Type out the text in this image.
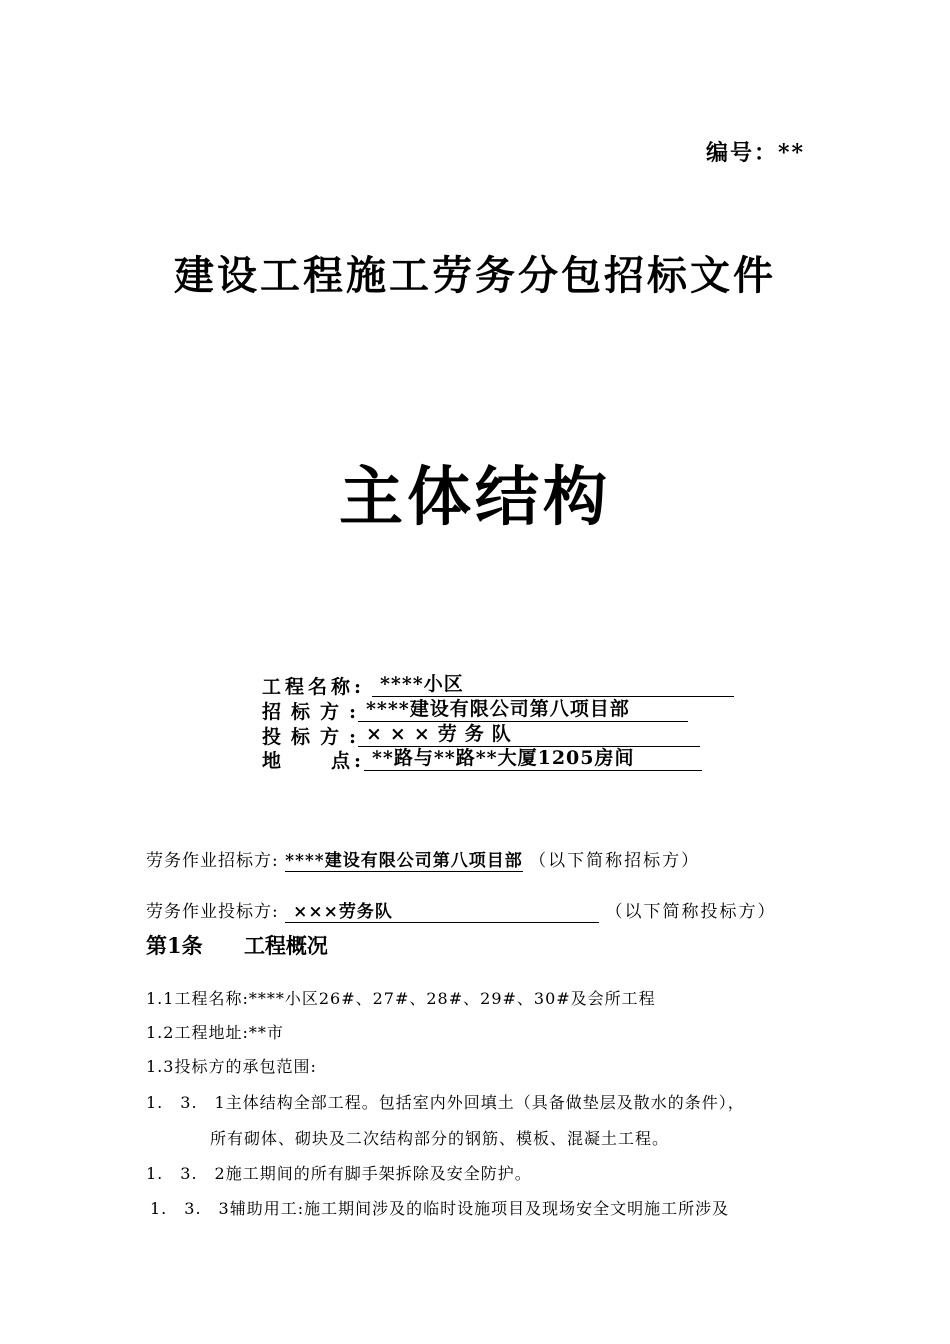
编号：**
建设工程施工劳务分包招标文件
主体结构
工程名称: ****小区
招标方: ****建设有限公司第八项目部
投标方: ×××劳务队
地　　点: **路与**路**大厦1205房间
劳务作业招标方: ****建设有限公司第八项目部 （以下简称招标方）
劳务作业投标方: ×××劳务队	（以下简称投标方）
第1条 工程概况
1.1工程名称:****小区26#、27#、28#、29#、30#及会所工程
1.2工程地址:**市
1.3投标方的承包范围:
1.　3.　1主体结构全部工程。包括室内外回填土（具备做垫层及散水的条件），
所有砌体、砌块及二次结构部分的钢筋、模板、混凝土工程。
1.　3.　2施工期间的所有脚手架拆除及安全防护。
1.　3.　3辅助用工:施工期间涉及的临时设施项目及现场安全文明施工所涉及
